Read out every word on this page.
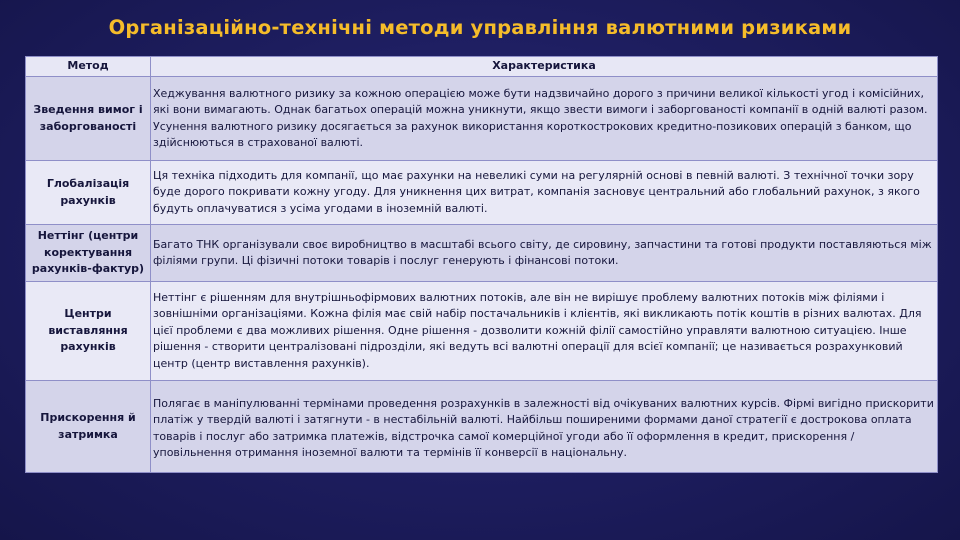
Організаційно-технічні методи управління валютними ризиками
Метод	Характеристика
Зведення вимог і заборгованості	Хеджування валютного ризику за кожною операцією може бути надзвичайно дорого з причини великої кількості угод і комісійних, які вони вимагають. Однак багатьох операцій можна уникнути, якщо звести вимоги і заборгованості компанії в одній валюті разом. Усунення валютного ризику досягається за рахунок використання короткострокових кредитно-позикових операцій з банком, що здійснюються в страхованої валюті.
Глобалізація рахунків	Ця техніка підходить для компанії, що має рахунки на невеликі суми на регулярній основі в певній валюті. З технічної точки зору буде дорого покривати кожну угоду. Для уникнення цих витрат, компанія засновує центральний або глобальний рахунок, з якого будуть оплачуватися з усіма угодами в іноземній валюті.
Неттінг (центри коректування рахунків-фактур)	Багато ТНК організували своє виробництво в масштабі всього світу, де сировину, запчастини та готові продукти поставляються між філіями групи. Ці фізичні потоки товарів і послуг генерують і фінансові потоки.
Центри виставляння рахунків	Неттінг є рішенням для внутрішньофірмових валютних потоків, але він не вирішує проблему валютних потоків між філіями і зовнішніми організаціями. Кожна філія має свій набір постачальників і клієнтів, які викликають потік коштів в різних валютах. Для цієї проблеми є два можливих рішення. Одне рішення - дозволити кожній філії самостійно управляти валютною ситуацією. Інше рішення - створити централізовані підрозділи, які ведуть всі валютні операції для всієї компанії; це називається розрахунковий центр (центр виставлення рахунків).
Прискорення й затримка	Полягає в маніпулюванні термінами проведення розрахунків в залежності від очікуваних валютних курсів. Фірмі вигідно прискорити платіж у твердій валюті і затягнути - в нестабільній валюті. Найбільш поширеними формами даної стратегії є дострокова оплата товарів і послуг або затримка платежів, відстрочка самої комерційної угоди або її оформлення в кредит, прискорення / уповільнення отримання іноземної валюти та термінів її конверсії в національну.
